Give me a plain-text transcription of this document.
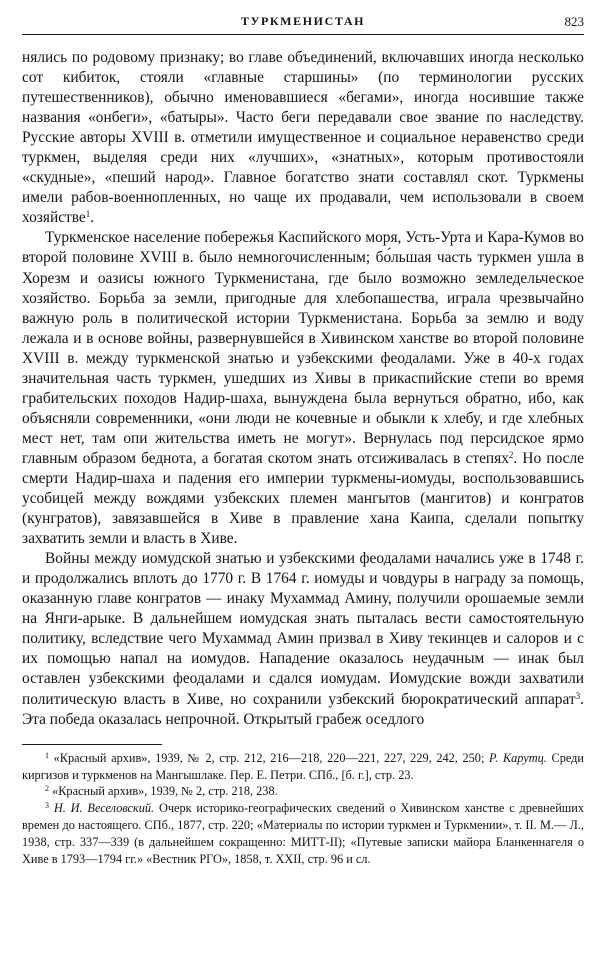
ТУРКМЕНИСТАН	823

нялись по родовому признаку; во главе объединений, включавших иногда несколько сот кибиток, стояли «главные старшины» (по терминологии русских путешественников), обычно именовавшиеся «бегами», иногда носившие также названия «онбеги», «батыры». Часто беги передавали свое звание по наследству. Русские авторы XVIII в. отметили имущественное и социальное неравенство среди туркмен, выделяя среди них «лучших», «знатных», которым противостояли «скудные», «пеший народ». Главное богатство знати составлял скот. Туркмены имели рабов-военнопленных, но чаще их продавали, чем использовали в своем хозяйстве$^1$.

Туркменское население побережья Каспийского моря, Усть-Урта и Кара-Кумов во второй половине XVIII в. было немногочисленным; бо́льшая часть туркмен ушла в Хорезм и оазисы южного Туркменистана, где было возможно земледельческое хозяйство. Борьба за земли, пригодные для хлебопашества, играла чрезвычайно важную роль в политической истории Туркменистана. Борьба за землю и воду лежала и в основе войны, развернувшейся в Хивинском ханстве во второй половине XVIII в. между туркменской знатью и узбекскими феодалами. Уже в 40-х годах значительная часть туркмен, ушедших из Хивы в прикаспийские степи во время грабительских походов Надир-шаха, вынуждена была вернуться обратно, ибо, как объясняли современники, «они люди не кочевные и обыкли к хлебу, и где хлебных мест нет, там опи жительства иметь не могут». Вернулась под персидское ярмо главным образом беднота, а богатая скотом знать отсиживалась в степях$^2$. Но после смерти Надир-шаха и падения его империи туркмены-иомуды, воспользовавшись усобицей между вождями узбекских племен мангытов (мангитов) и конгратов (кунгратов), завязавшейся в Хиве в правление хана Каипа, сделали попытку захватить земли и власть в Хиве.

Войны между иомудской знатью и узбекскими феодалами начались уже в 1748 г. и продолжались вплоть до 1770 г. В 1764 г. иомуды и човдуры в награду за помощь, оказанную главе конгратов — инаку Мухаммад Амину, получили орошаемые земли на Янги-арыке. В дальнейшем иомудская знать пыталась вести самостоятельную политику, вследствие чего Мухаммад Амин призвал в Хиву текинцев и салоров и с их помощью напал на иомудов. Нападение оказалось неудачным — инак был оставлен узбекскими феодалами и сдался иомудам. Иомудские вожди захватили политическую власть в Хиве, но сохранили узбекский бюрократический аппарат$^3$. Эта победа оказалась непрочной. Открытый грабеж оседлого

$^1$ «Красный архив», 1939, № 2, стр. 212, 216—218, 220—221, 227, 229, 242, 250; Р. Карутц. Среди киргизов и туркменов на Мангышлаке. Пер. Е. Петри. СПб., [б. г.], стр. 23.

$^2$ «Красный архив», 1939, № 2, стр. 218, 238.

$^3$ Н. И. Веселовский. Очерк историко-географических сведений о Хивинском ханстве с древнейших времен до настоящего. СПб., 1877, стр. 220; «Материалы по истории туркмен и Туркмении», т. II. М.— Л., 1938, стр. 337—339 (в дальнейшем сокращенно: МИТТ-II); «Путевые записки майора Бланкеннагеля о Хиве в 1793—1794 гг.» «Вестник РГО», 1858, т. XXII, стр. 96 и сл.
